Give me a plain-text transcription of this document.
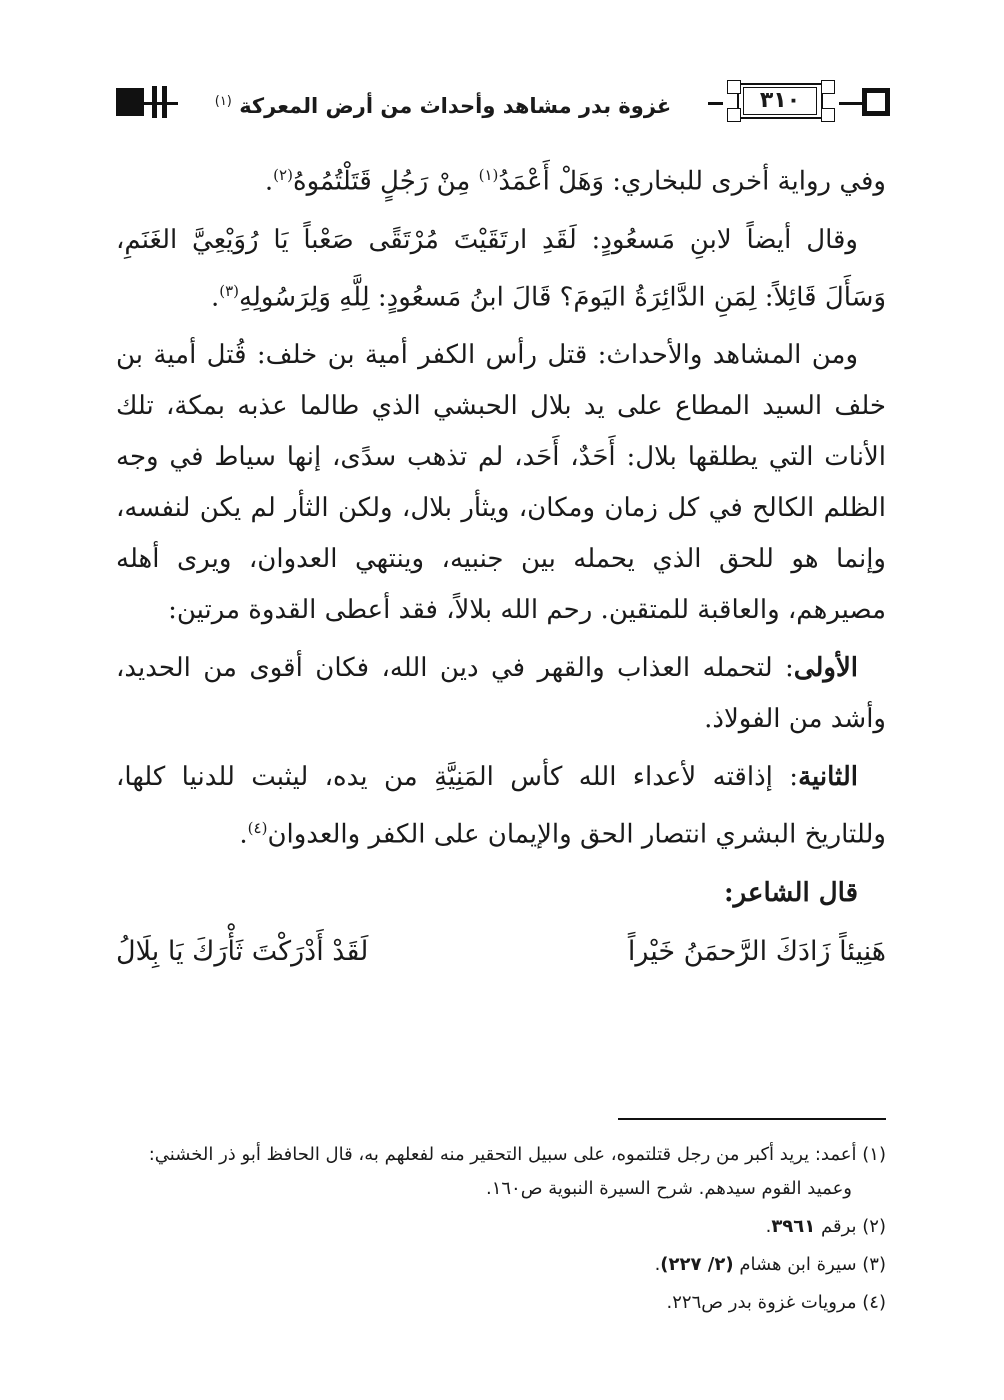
غزوة بدر مشاهد وأحداث من أرض المعركة $^{(١)}$	٣١٠

وفي رواية أخرى للبخاري: وَهَلْ أَعْمَدُ$^{(١)}$ مِنْ رَجُلٍ قَتَلْتُمُوهُ$^{(٢)}$.

وقال أيضاً لابنِ مَسعُودٍ: لَقَدِ ارتَقَيْتَ مُرْتَقًى صَعْباً يَا رُوَيْعِيَّ الغَنَمِ، وَسَأَلَ قَائِلاً: لِمَنِ الدَّائِرَةُ اليَومَ؟ قَالَ ابنُ مَسعُودٍ: لِلَّهِ وَلِرَسُولِهِ$^{(٣)}$.

ومن المشاهد والأحداث: قتل رأس الكفر أمية بن خلف: قُتل أمية بن خلف السيد المطاع على يد بلال الحبشي الذي طالما عذبه بمكة، تلك الأنات التي يطلقها بلال: أَحَدٌ، أَحَد، لم تذهب سدًى، إنها سياط في وجه الظلم الكالح في كل زمان ومكان، ويثأر بلال، ولكن الثأر لم يكن لنفسه، وإنما هو للحق الذي يحمله بين جنبيه، وينتهي العدوان، ويرى أهله مصيرهم، والعاقبة للمتقين. رحم الله بلالاً، فقد أعطى القدوة مرتين:

الأولى: لتحمله العذاب والقهر في دين الله، فكان أقوى من الحديد، وأشد من الفولاذ.

الثانية: إذاقته لأعداء الله كأس المَنِيَّةِ من يده، ليثبت للدنيا كلها، وللتاريخ البشري انتصار الحق والإيمان على الكفر والعدوان$^{(٤)}$.

قال الشاعر:

هَنِيئاً زَادَكَ الرَّحمَنُ خَيْراً
لَقَدْ أَدْرَكْتَ ثَأْرَكَ يَا بِلَالُ

(١) أعمد: يريد أكبر من رجل قتلتموه، على سبيل التحقير منه لفعلهم به، قال الحافظ أبو ذر الخشني: وعميد القوم سيدهم. شرح السيرة النبوية ص١٦٠.

(٢) برقم ٣٩٦١.

(٣) سيرة ابن هشام (٢/ ٢٢٧).

(٤) مرويات غزوة بدر ص٢٢٦.
